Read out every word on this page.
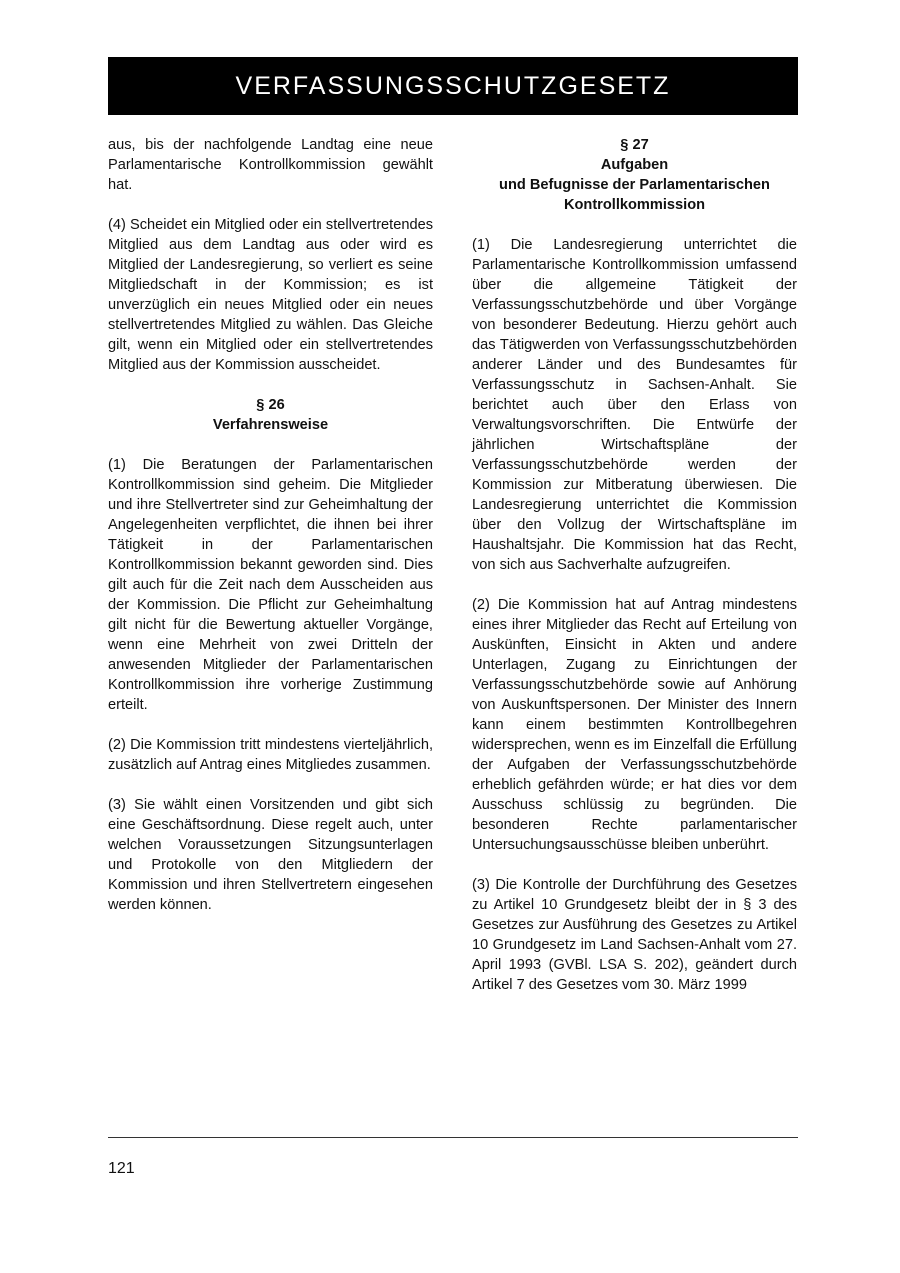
VERFASSUNGSSCHUTZGESETZ

aus, bis der nachfolgende Landtag eine neue Parlamentarische Kontrollkommission gewählt hat.

(4) Scheidet ein Mitglied oder ein stellvertretendes Mitglied aus dem Landtag aus oder wird es Mitglied der Landesregierung, so verliert es seine Mitgliedschaft in der Kommission; es ist unverzüglich ein neues Mitglied oder ein neues stellvertretendes Mitglied zu wählen. Das Gleiche gilt, wenn ein Mitglied oder ein stellvertretendes Mitglied aus der Kommission ausscheidet.

§ 26
Verfahrensweise

(1) Die Beratungen der Parlamentarischen Kontrollkommission sind geheim. Die Mitglieder und ihre Stellvertreter sind zur Geheimhaltung der Angelegenheiten verpflichtet, die ihnen bei ihrer Tätigkeit in der Parlamentarischen Kontrollkommission bekannt geworden sind. Dies gilt auch für die Zeit nach dem Ausscheiden aus der Kommission. Die Pflicht zur Geheimhaltung gilt nicht für die Bewertung aktueller Vorgänge, wenn eine Mehrheit von zwei Dritteln der anwesenden Mitglieder der Parlamentarischen Kontrollkommission ihre vorherige Zustimmung erteilt.

(2) Die Kommission tritt mindestens vierteljährlich, zusätzlich auf Antrag eines Mitgliedes zusammen.

(3) Sie wählt einen Vorsitzenden und gibt sich eine Geschäftsordnung. Diese regelt auch, unter welchen Voraussetzungen Sitzungsunterlagen und Protokolle von den Mitgliedern der Kommission und ihren Stellvertretern eingesehen werden können.

§ 27
Aufgaben
und Befugnisse der Parlamentarischen
Kontrollkommission

(1) Die Landesregierung unterrichtet die Parlamentarische Kontrollkommission umfassend über die allgemeine Tätigkeit der Verfassungsschutzbehörde und über Vorgänge von besonderer Bedeutung. Hierzu gehört auch das Tätigwerden von Verfassungsschutzbehörden anderer Länder und des Bundesamtes für Verfassungsschutz in Sachsen-Anhalt. Sie berichtet auch über den Erlass von Verwaltungsvorschriften. Die Entwürfe der jährlichen Wirtschaftspläne der Verfassungsschutzbehörde werden der Kommission zur Mitberatung überwiesen. Die Landesregierung unterrichtet die Kommission über den Vollzug der Wirtschaftspläne im Haushaltsjahr. Die Kommission hat das Recht, von sich aus Sachverhalte aufzugreifen.

(2) Die Kommission hat auf Antrag mindestens eines ihrer Mitglieder das Recht auf Erteilung von Auskünften, Einsicht in Akten und andere Unterlagen, Zugang zu Einrichtungen der Verfassungsschutzbehörde sowie auf Anhörung von Auskunftspersonen. Der Minister des Innern kann einem bestimmten Kontrollbegehren widersprechen, wenn es im Einzelfall die Erfüllung der Aufgaben der Verfassungsschutzbehörde erheblich gefährden würde; er hat dies vor dem Ausschuss schlüssig zu begründen. Die besonderen Rechte parlamentarischer Untersuchungsausschüsse bleiben unberührt.

(3) Die Kontrolle der Durchführung des Gesetzes zu Artikel 10 Grundgesetz bleibt der in § 3 des Gesetzes zur Ausführung des Gesetzes zu Artikel 10 Grundgesetz im Land Sachsen-Anhalt vom 27. April 1993 (GVBl. LSA S. 202), geändert durch Artikel 7 des Gesetzes vom 30. März 1999

121
